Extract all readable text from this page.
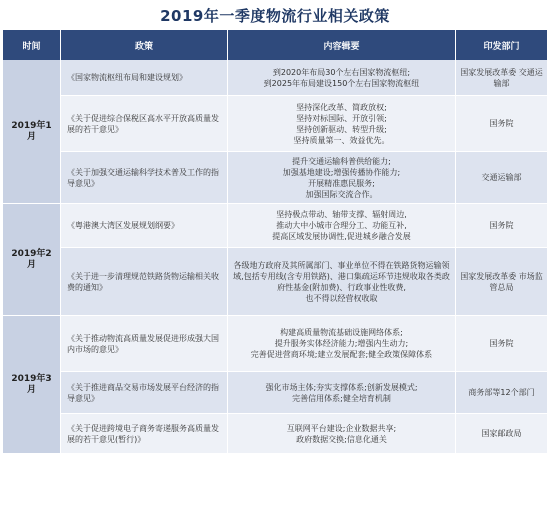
2019年一季度物流行业相关政策
时间	政策	内容辑要	印发部门
2019年1月	《国家物流枢纽布局和建设规划》	到2020年布局30个左右国家物流枢纽;
到2025年布局建设150个左右国家物流枢纽	国家发展改革委 交通运输部
	《关于促进综合保税区高水平开放高质量发展的若干意见》	坚持深化改革、简政放权;
坚持对标国际、开放引领;
坚持创新驱动、转型升级;
坚持质量第一、效益优先。	国务院
	《关于加强交通运输科学技术普及工作的指导意见》	提升交通运输科普供给能力;
加强基地建设;增强传播协作能力;
开展精准惠民服务;
加强国际交流合作。	交通运输部
2019年2月	《粤港澳大湾区发展规划纲要》	坚持极点带动、轴带支撑、辐射周边,
推动大中小城市合理分工、功能互补,
提高区域发展协调性,促进城乡融合发展	国务院
	《关于进一步清理规范铁路货物运输相关收费的通知》	各级地方政府及其所属部门、事业单位不得在铁路货物运输领域,包括专用线(含专用铁路)、港口集疏运环节违规收取各类政府性基金(附加费)、行政事业性收费,
也不得以经营权收取	国家发展改革委 市场监管总局
2019年3月	《关于推动物流高质量发展促进形成强大国内市场的意见》	构建高质量物流基础设施网络体系;
提升服务实体经济能力;增强内生动力;
完善促进营商环境;建立发展配套;健全政策保障体系	国务院
	《关于推进商品交易市场发展平台经济的指导意见》	强化市场主体;夯实支撑体系;创新发展模式;
完善信用体系;健全培育机制	商务部等12个部门
	《关于促进跨境电子商务寄递服务高质量发展的若干意见(暂行)》	互联网平台建设;企业数据共享;
政府数据交换;信息化通关	国家邮政局
